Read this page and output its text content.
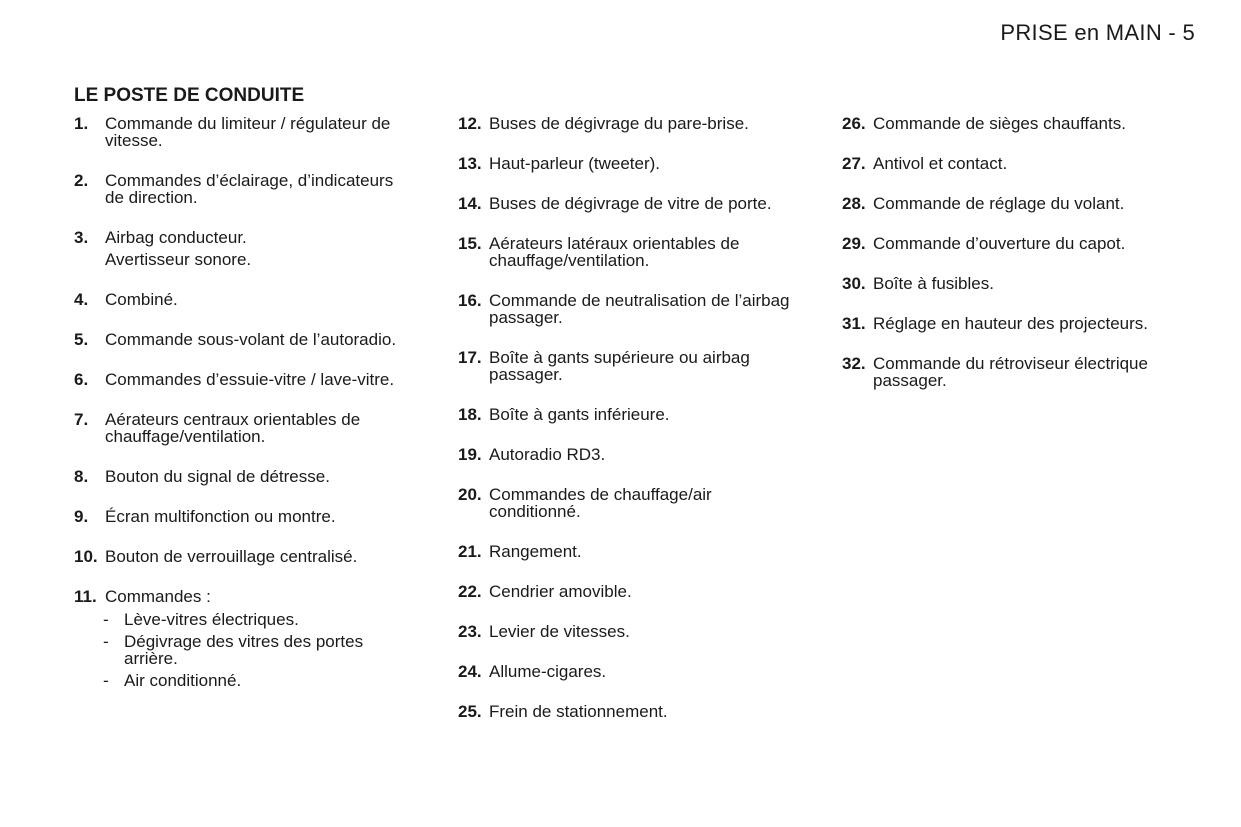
PRISE en MAIN - 5
LE POSTE DE CONDUITE
1. Commande du limiteur / régulateur de vitesse.
2. Commandes d’éclairage, d’indicateurs de direction.
3. Airbag conducteur.
Avertisseur sonore.
4. Combiné.
5. Commande sous-volant de l’autoradio.
6. Commandes d’essuie-vitre / lave-vitre.
7. Aérateurs centraux orientables de chauffage/ventilation.
8. Bouton du signal de détresse.
9. Écran multifonction ou montre.
10. Bouton de verrouillage centralisé.
11. Commandes :
- Lève-vitres électriques.
- Dégivrage des vitres des portes arrière.
- Air conditionné.
12. Buses de dégivrage du pare-brise.
13. Haut-parleur (tweeter).
14. Buses de dégivrage de vitre de porte.
15. Aérateurs latéraux orientables de chauffage/ventilation.
16. Commande de neutralisation de l’airbag passager.
17. Boîte à gants supérieure ou airbag passager.
18. Boîte à gants inférieure.
19. Autoradio RD3.
20. Commandes de chauffage/air conditionné.
21. Rangement.
22. Cendrier amovible.
23. Levier de vitesses.
24. Allume-cigares.
25. Frein de stationnement.
26. Commande de sièges chauffants.
27. Antivol et contact.
28. Commande de réglage du volant.
29. Commande d’ouverture du capot.
30. Boîte à fusibles.
31. Réglage en hauteur des projecteurs.
32. Commande du rétroviseur électrique passager.
